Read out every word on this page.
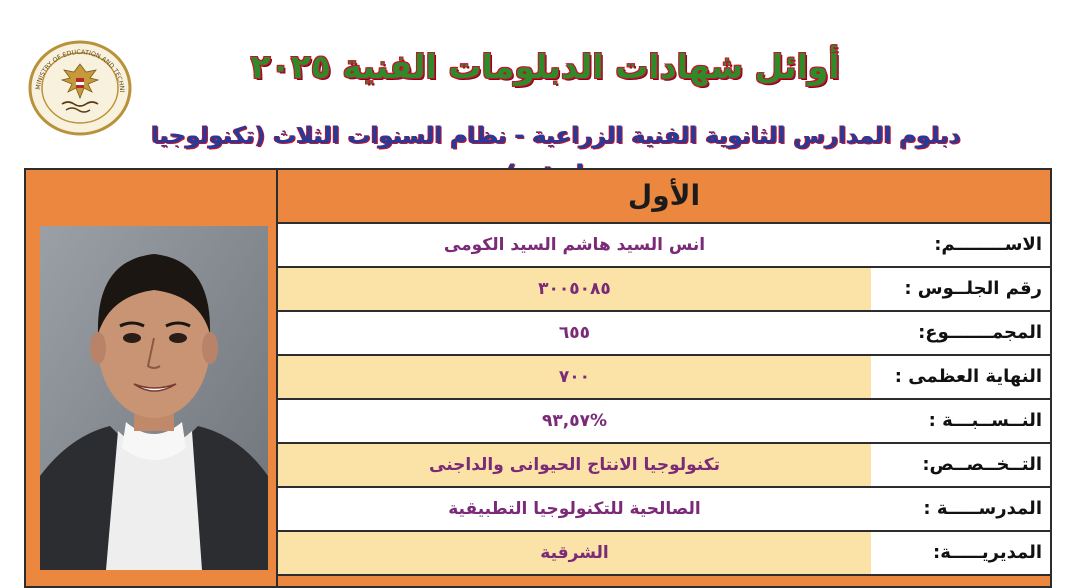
MINISTRY OF EDUCATION AND TECHNI
أوائل شهادات الدبلومات الفنية ٢٠٢٥
دبلوم المدارس الثانوية الفنية الزراعية - نظام السنوات الثلاث (تكنولوجيا
الأول
انس السيد هاشم السيد الكومى	الاســــــــم:
٣٠٠٥٠٨٥	رقم الجلــوس :
٦٥٥	المجمـــــــوع:
٧٠٠	النهاية العظمى :
%٩٣,٥٧	النــســبـــة :
تكنولوجيا الانتاج الحيوانى والداجنى	التــخــصــص:
الصالحية للتكنولوجيا التطبيقية	المدرســـــة :
الشرقية	المديريـــــة:
